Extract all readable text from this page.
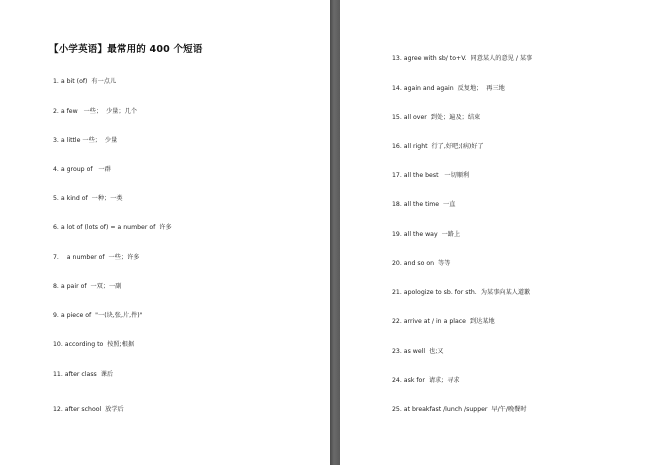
【小学英语】最常用的 400 个短语
1. a bit (of)  有一点儿
2. a few   一些；  少量；几个
3. a little 一些；  少量
4. a group of   一群
5. a kind of  一种；一类
6. a lot of (lots of) = a number of  许多
7.    a number of  一些；许多
8. a pair of  一双；一副
9. a piece of  "一(块,张,片,件)"
10. according to  按照;根据
11. after class  课后
12. after school  放学后
13. agree with sb/ to+V.  同意某人的意见 / 某事
14. again and again  反复地；  再三地
15. all over  到处；遍及；结束
16. all right  行了,好吧;(病)好了
17. all the best   一切顺利
18. all the time  一直
19. all the way  一路上
20. and so on  等等
21. apologize to sb. for sth.  为某事向某人道歉
22. arrive at / in a place  到达某地
23. as well  也;又
24. ask for  请求;  寻求
25. at breakfast /lunch /supper  早/午/晚餐时
